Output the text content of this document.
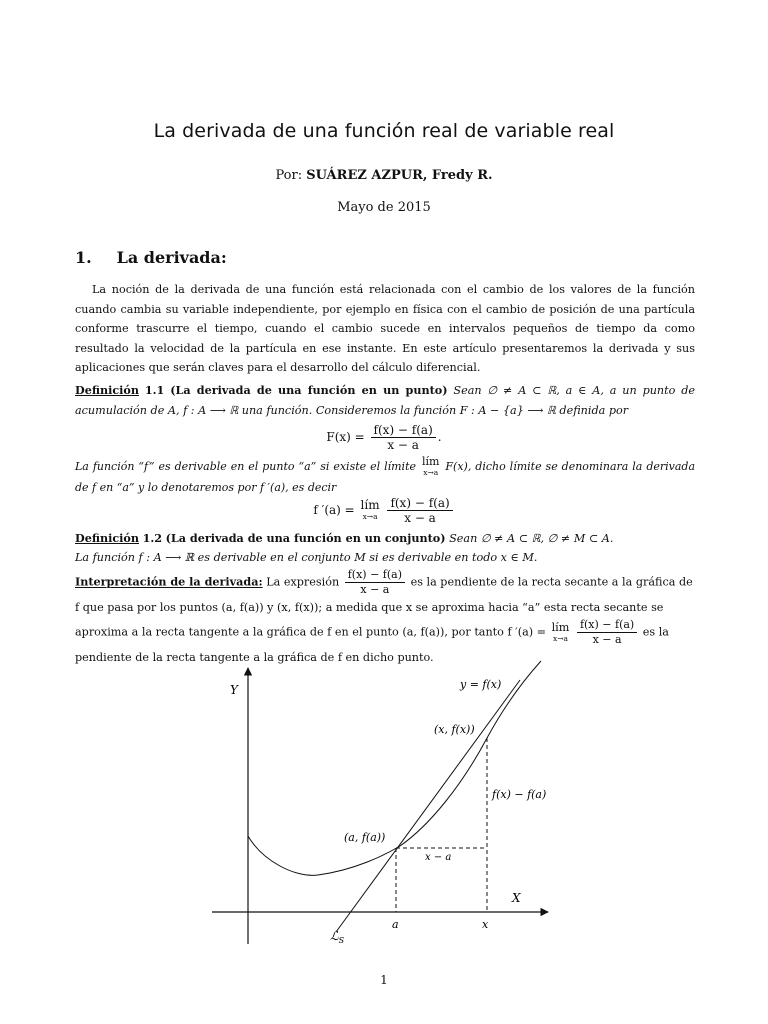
La derivada de una función real de variable real
Por: SUÁREZ AZPUR, Fredy R.
Mayo de 2015
1. La derivada:
La noción de la derivada de una función está relacionada con el cambio de los valores de la función cuando cambia su variable independiente, por ejemplo en física con el cambio de posición de una partícula conforme trascurre el tiempo, cuando el cambio sucede en intervalos pequeños de tiempo da como resultado la velocidad de la partícula en ese instante. En este artículo presentaremos la derivada y sus aplicaciones que serán claves para el desarrollo del cálculo diferencial.
Definición 1.1 (La derivada de una función en un punto) Sean ∅ ≠ A ⊂ ℝ, a ∈ A, a un punto de acumulación de A, f : A ⟶ ℝ una función. Consideremos la función F : A − {a} ⟶ ℝ definida por
$F(x) = \frac{f(x) - f(a)}{x - a}$ .
La función “f” es derivable en el punto “a” si existe el límite lím
x→a F(x), dicho límite se denominara la derivada de f en “a” y lo denotaremos por f ′(a), es decir
f ′(a) = lím
x→a
$\frac{f(x) - f(a)}{x - a}$
Definición 1.2 (La derivada de una función en un conjunto) Sean ∅ ≠ A ⊂ ℝ, ∅ ≠ M ⊂ A.
La función f : A ⟶ ℝ es derivable en el conjunto M si es derivable en todo x ∈ M.
Interpretación de la derivada: La expresión $\frac{f(x) - f(a)}{x - a}$ es la pendiente de la recta secante a la gráfica de
f que pasa por los puntos (a, f(a)) y (x, f(x)); a medida que x se aproxima hacia “a” esta recta secante se
aproxima a la recta tangente a la gráfica de f en el punto (a, f(a)), por tanto f ′(a) = lím
x→a
$\frac{f(x) - f(a)}{x - a}$ es la
pendiente de la recta tangente a la gráfica de f en dicho punto.
Y
X
y = f(x)
(x, f(x))
(a, f(a))
f(x) − f(a)
x − a
a	x
ℒ$_S$
1
